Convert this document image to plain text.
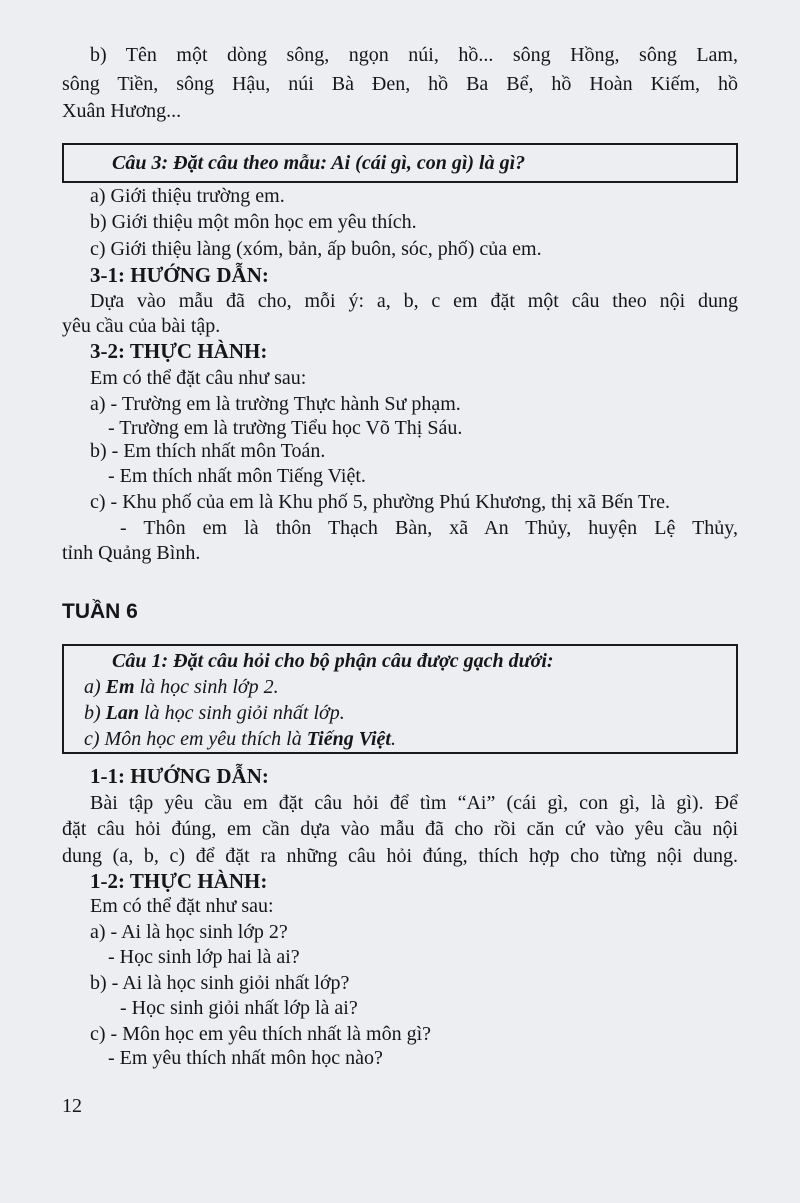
b) Tên một dòng sông, ngọn núi, hồ... sông Hồng, sông Lam,
sông Tiền, sông Hậu, núi Bà Đen, hồ Ba Bể, hồ Hoàn Kiếm, hồ
Xuân Hương...
Câu 3: Đặt câu theo mẫu: Ai (cái gì, con gì) là gì?
a) Giới thiệu trường em.
b) Giới thiệu một môn học em yêu thích.
c) Giới thiệu làng (xóm, bản, ấp buôn, sóc, phố) của em.
3-1: HƯỚNG DẪN:
Dựa vào mẫu đã cho, mỗi ý: a, b, c em đặt một câu theo nội dung
yêu cầu của bài tập.
3-2: THỰC HÀNH:
Em có thể đặt câu như sau:
a) - Trường em là trường Thực hành Sư phạm.
- Trường em là trường Tiểu học Võ Thị Sáu.
b) - Em thích nhất môn Toán.
- Em thích nhất môn Tiếng Việt.
c) - Khu phố của em là Khu phố 5, phường Phú Khương, thị xã Bến Tre.
- Thôn em là thôn Thạch Bàn, xã An Thủy, huyện Lệ Thủy,
tỉnh Quảng Bình.
TUẦN 6
Câu 1: Đặt câu hỏi cho bộ phận câu được gạch dưới:
a) Em là học sinh lớp 2.
b) Lan là học sinh giỏi nhất lớp.
c) Môn học em yêu thích là Tiếng Việt.
1-1: HƯỚNG DẪN:
Bài tập yêu cầu em đặt câu hỏi để tìm “Ai” (cái gì, con gì, là gì). Để
đặt câu hỏi đúng, em cần dựa vào mẫu đã cho rồi căn cứ vào yêu cầu nội
dung (a, b, c) để đặt ra những câu hỏi đúng, thích hợp cho từng nội dung.
1-2: THỰC HÀNH:
Em có thể đặt như sau:
a) - Ai là học sinh lớp 2?
- Học sinh lớp hai là ai?
b) - Ai là học sinh giỏi nhất lớp?
- Học sinh giỏi nhất lớp là ai?
c) - Môn học em yêu thích nhất là môn gì?
- Em yêu thích nhất môn học nào?
12
